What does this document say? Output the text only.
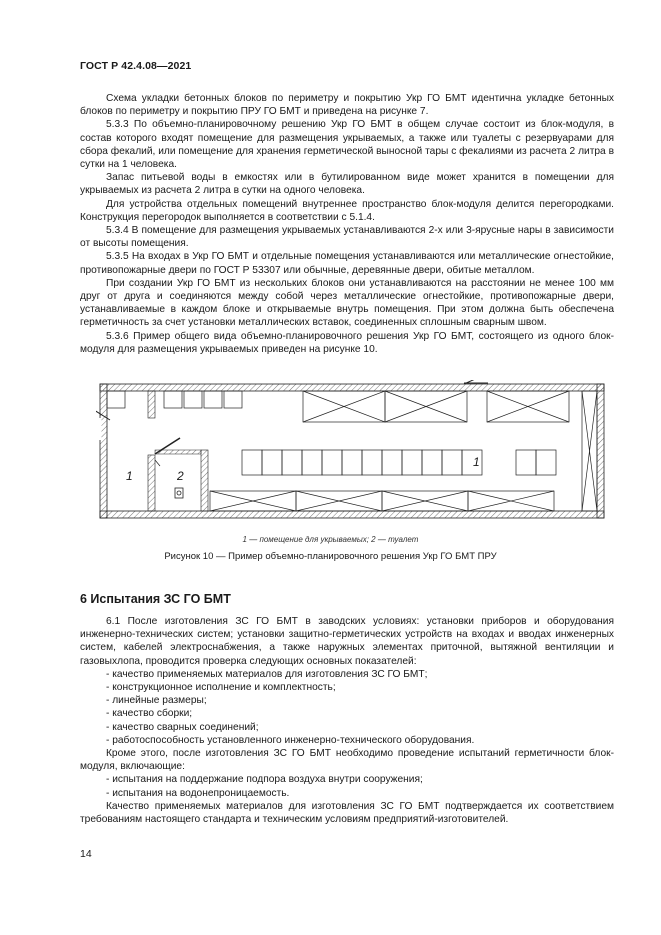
ГОСТ Р 42.4.08—2021

Схема укладки бетонных блоков по периметру и покрытию Укр ГО БМТ идентична укладке бетонных блоков по периметру и покрытию ПРУ ГО БМТ и приведена на рисунке 7.

5.3.3 По объемно-планировочному решению Укр ГО БМТ в общем случае состоит из блок-модуля, в состав которого входят помещение для размещения укрываемых, а также или туалеты с резервуарами для сбора фекалий, или помещение для хранения герметической выносной тары с фекалиями из расчета 2 литра в сутки на 1 человека.

Запас питьевой воды в емкостях или в бутилированном виде может хранится в помещении для укрываемых из расчета 2 литра в сутки на одного человека.

Для устройства отдельных помещений внутреннее пространство блок-модуля делится перегородками. Конструкция перегородок выполняется в соответствии с 5.1.4.

5.3.4 В помещение для размещения укрываемых устанавливаются 2-х или 3-ярусные нары в зависимости от высоты помещения.

5.3.5 На входах в Укр ГО БМТ и отдельные помещения устанавливаются или металлические огнестойкие, противопожарные двери по ГОСТ Р 53307 или обычные, деревянные двери, обитые металлом.

При создании Укр ГО БМТ из нескольких блоков они устанавливаются на расстоянии не менее 100 мм друг от друга и соединяются между собой через металлические огнестойкие, противопожарные двери, устанавливаемые в каждом блоке и открываемые внутрь помещения. При этом должна быть обеспечена герметичность за счет установки металлических вставок, соединенных сплошным сварным швом.

5.3.6 Пример общего вида объемно-планировочного решения Укр ГО БМТ, состоящего из одного блок-модуля для размещения укрываемых приведен на рисунке 10.

1	2
1
1 — помещение для укрываемых; 2 — туалет
Рисунок 10 — Пример объемно-планировочного решения Укр ГО БМТ ПРУ
6 Испытания ЗС ГО БМТ

6.1 После изготовления ЗС ГО БМТ в заводских условиях: установки приборов и оборудования инженерно-технических систем; установки защитно-герметических устройств на входах и вводах инженерных систем, кабелей электроснабжения, а также наружных элементах приточной, вытяжной вентиляции и газовыхлопа, проводится проверка следующих основных показателей:

- качество применяемых материалов для изготовления ЗС ГО БМТ;

- конструкционное исполнение и комплектность;

- линейные размеры;

- качество сборки;

- качество сварных соединений;

- работоспособность установленного инженерно-технического оборудования.

Кроме этого, после изготовления ЗС ГО БМТ необходимо проведение испытаний герметичности блок-модуля, включающие:

- испытания на поддержание подпора воздуха внутри сооружения;

- испытания на водонепроницаемость.

Качество применяемых материалов для изготовления ЗС ГО БМТ подтверждается их соответствием требованиям настоящего стандарта и техническим условиям предприятий-изготовителей.

14
